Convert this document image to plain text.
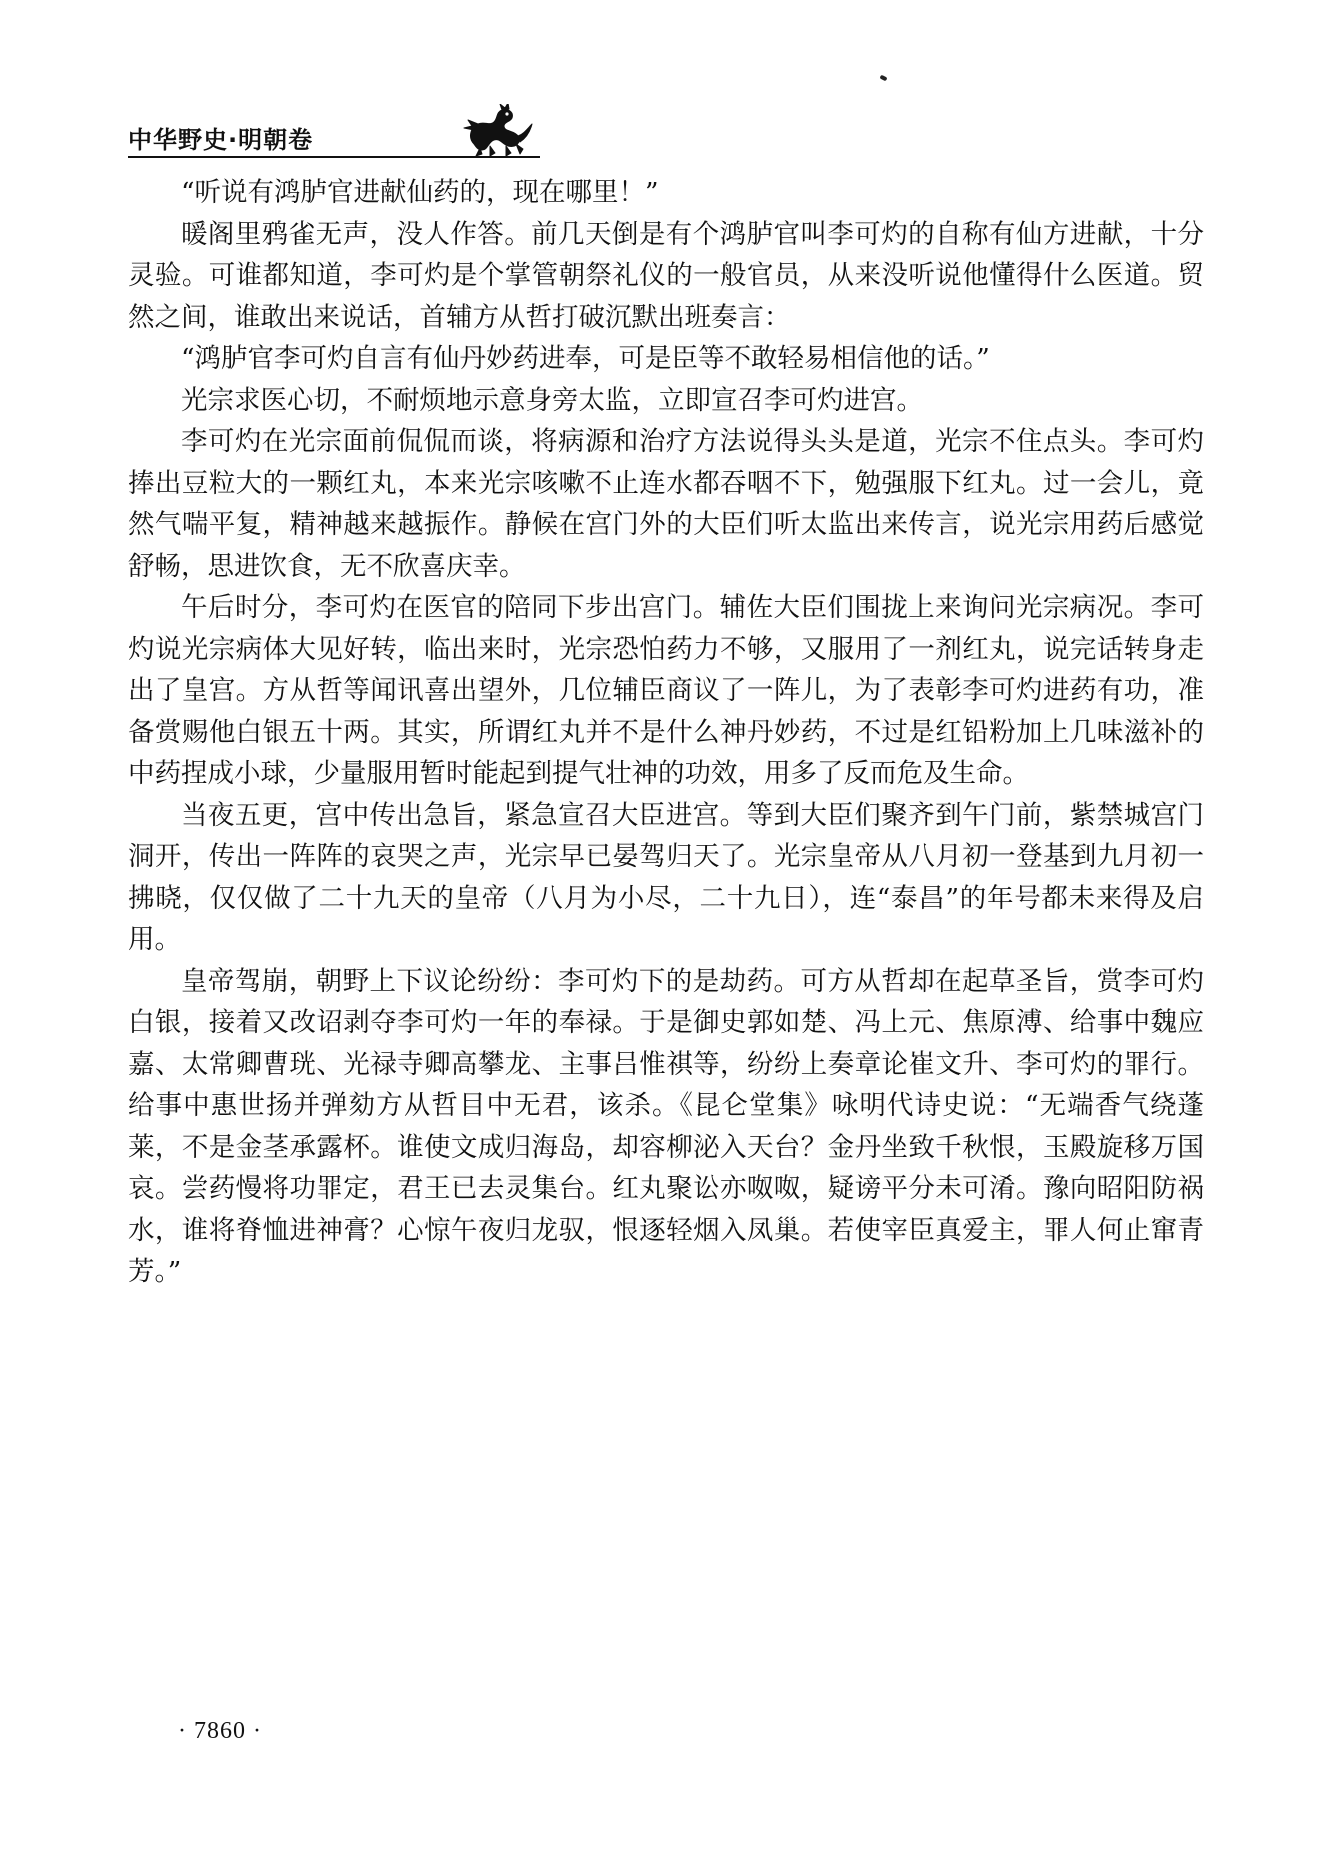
中华野史·明朝卷

“听说有鸿胪官进献仙药的，现在哪里！”

暖阁里鸦雀无声，没人作答。前几天倒是有个鸿胪官叫李可灼的自称有仙方进献，十分灵验。可谁都知道，李可灼是个掌管朝祭礼仪的一般官员，从来没听说他懂得什么医道。贸然之间，谁敢出来说话，首辅方从哲打破沉默出班奏言：

“鸿胪官李可灼自言有仙丹妙药进奉，可是臣等不敢轻易相信他的话。”

光宗求医心切，不耐烦地示意身旁太监，立即宣召李可灼进宫。

李可灼在光宗面前侃侃而谈，将病源和治疗方法说得头头是道，光宗不住点头。李可灼捧出豆粒大的一颗红丸，本来光宗咳嗽不止连水都吞咽不下，勉强服下红丸。过一会儿，竟然气喘平复，精神越来越振作。静候在宫门外的大臣们听太监出来传言，说光宗用药后感觉舒畅，思进饮食，无不欣喜庆幸。

午后时分，李可灼在医官的陪同下步出宫门。辅佐大臣们围拢上来询问光宗病况。李可灼说光宗病体大见好转，临出来时，光宗恐怕药力不够，又服用了一剂红丸，说完话转身走出了皇宫。方从哲等闻讯喜出望外，几位辅臣商议了一阵儿，为了表彰李可灼进药有功，准备赏赐他白银五十两。其实，所谓红丸并不是什么神丹妙药，不过是红铅粉加上几味滋补的中药捏成小球，少量服用暂时能起到提气壮神的功效，用多了反而危及生命。

当夜五更，宫中传出急旨，紧急宣召大臣进宫。等到大臣们聚齐到午门前，紫禁城宫门洞开，传出一阵阵的哀哭之声，光宗早已晏驾归天了。光宗皇帝从八月初一登基到九月初一拂晓，仅仅做了二十九天的皇帝（八月为小尽，二十九日），连“泰昌”的年号都未来得及启用。

皇帝驾崩，朝野上下议论纷纷：李可灼下的是劫药。可方从哲却在起草圣旨，赏李可灼白银，接着又改诏剥夺李可灼一年的奉禄。于是御史郭如楚、冯上元、焦原溥、给事中魏应嘉、太常卿曹珖、光禄寺卿高攀龙、主事吕惟祺等，纷纷上奏章论崔文升、李可灼的罪行。给事中惠世扬并弹劾方从哲目中无君，该杀。《昆仑堂集》咏明代诗史说：“无端香气绕蓬莱，不是金茎承露杯。谁使文成归海岛，却容柳泌入天台？金丹坐致千秋恨，玉殿旋移万国哀。尝药慢将功罪定，君王已去灵集台。红丸聚讼亦呶呶，疑谤平分未可淆。豫向昭阳防祸水，谁将脊恤进神膏？心惊午夜归龙驭，恨逐轻烟入凤巢。若使宰臣真爱主，罪人何止窜青芳。”

· 7860 ·
